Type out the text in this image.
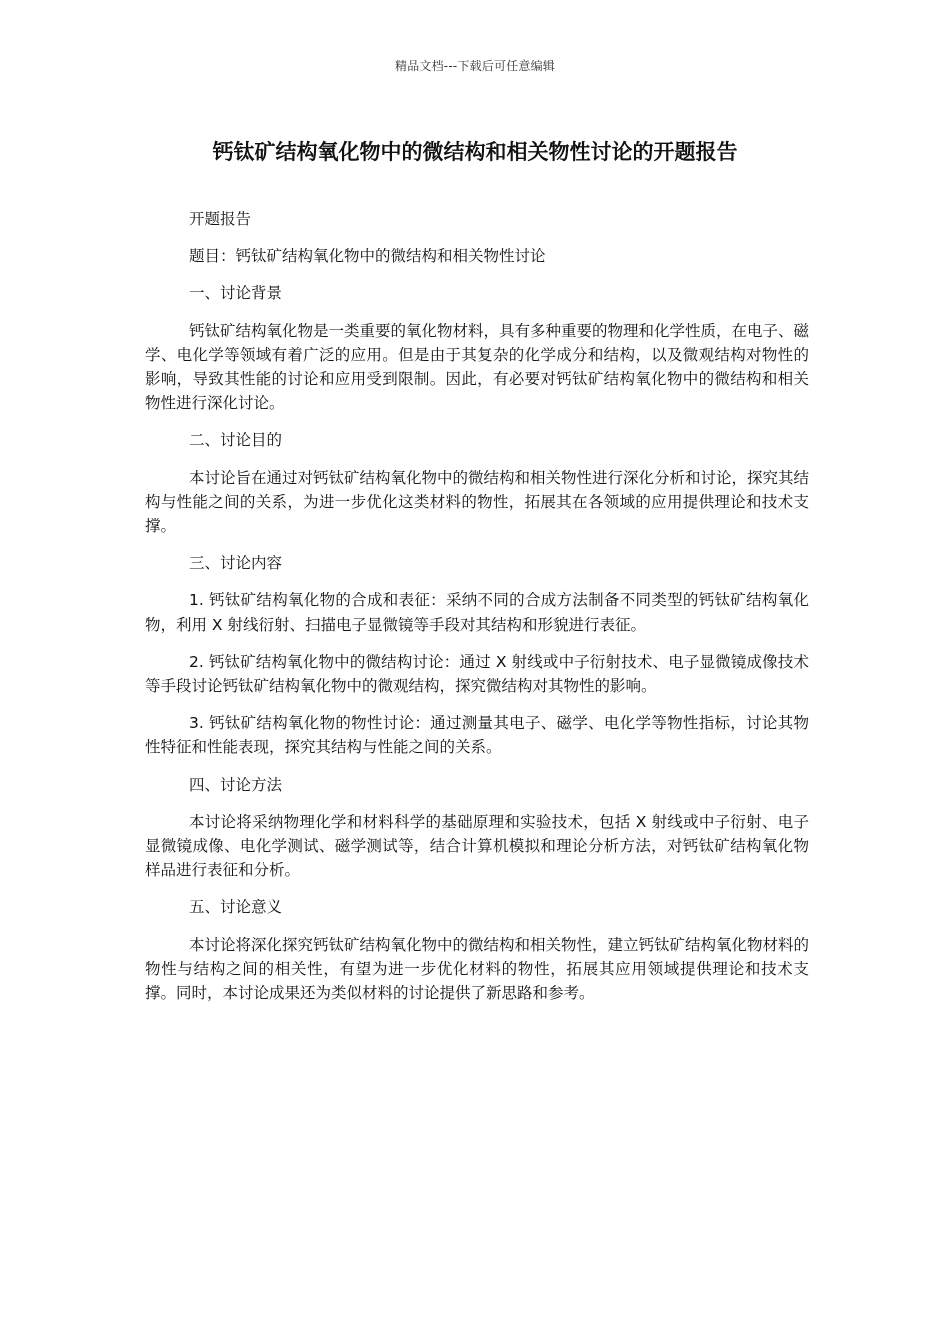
精品文档---下载后可任意编辑
钙钛矿结构氧化物中的微结构和相关物性讨论的开题报告

开题报告

题目：钙钛矿结构氧化物中的微结构和相关物性讨论

一、讨论背景

钙钛矿结构氧化物是一类重要的氧化物材料，具有多种重要的物理和化学性质，在电子、磁学、电化学等领域有着广泛的应用。但是由于其复杂的化学成分和结构，以及微观结构对物性的影响，导致其性能的讨论和应用受到限制。因此，有必要对钙钛矿结构氧化物中的微结构和相关物性进行深化讨论。

二、讨论目的

本讨论旨在通过对钙钛矿结构氧化物中的微结构和相关物性进行深化分析和讨论，探究其结构与性能之间的关系，为进一步优化这类材料的物性，拓展其在各领域的应用提供理论和技术支撑。

三、讨论内容

1. 钙钛矿结构氧化物的合成和表征：采纳不同的合成方法制备不同类型的钙钛矿结构氧化物，利用 X 射线衍射、扫描电子显微镜等手段对其结构和形貌进行表征。

2. 钙钛矿结构氧化物中的微结构讨论：通过 X 射线或中子衍射技术、电子显微镜成像技术等手段讨论钙钛矿结构氧化物中的微观结构，探究微结构对其物性的影响。

3. 钙钛矿结构氧化物的物性讨论：通过测量其电子、磁学、电化学等物性指标，讨论其物性特征和性能表现，探究其结构与性能之间的关系。

四、讨论方法

本讨论将采纳物理化学和材料科学的基础原理和实验技术，包括 X 射线或中子衍射、电子显微镜成像、电化学测试、磁学测试等，结合计算机模拟和理论分析方法，对钙钛矿结构氧化物样品进行表征和分析。

五、讨论意义

本讨论将深化探究钙钛矿结构氧化物中的微结构和相关物性，建立钙钛矿结构氧化物材料的物性与结构之间的相关性，有望为进一步优化材料的物性，拓展其应用领域提供理论和技术支撑。同时，本讨论成果还为类似材料的讨论提供了新思路和参考。
